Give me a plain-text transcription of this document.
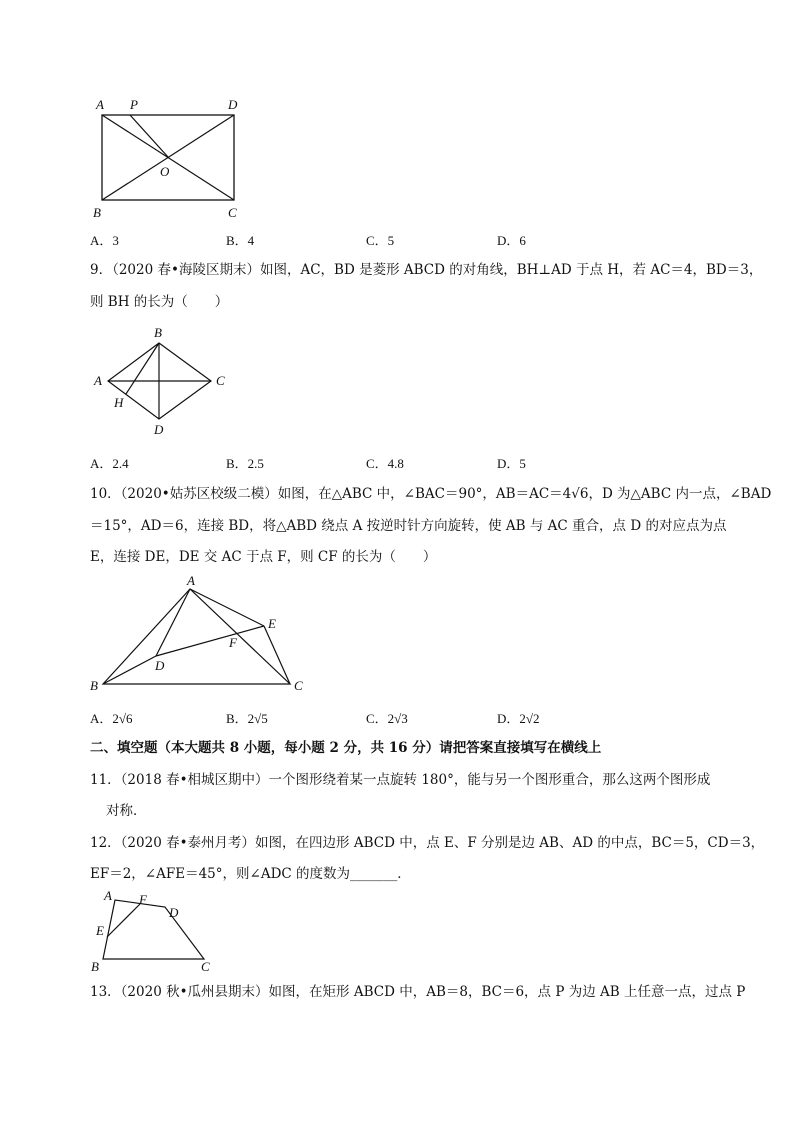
A P	D
O
B	C
A．3	B．4	C．5	D．6
9．（2020 春•海陵区期末）如图，AC，BD 是菱形 ABCD 的对角线，BH⊥AD 于点 H，若 AC＝4，BD＝3，
则 BH 的长为（　　）
B
A	C
H
D
A．2.4	B．2.5	C．4.8	D．5
10．（2020•姑苏区校级二模）如图，在△ABC 中，∠BAC＝90°，AB＝AC＝4√6，D 为△ABC 内一点，∠BAD
＝15°，AD＝6，连接 BD，将△ABD 绕点 A 按逆时针方向旋转，使 AB 与 AC 重合，点 D 的对应点为点
E，连接 DE，DE 交 AC 于点 F，则 CF 的长为（　　）
A
E
F
D
B	C
A．2√6	B．2√5	C．2√3	D．2√2
二、填空题（本大题共 8 小题，每小题 2 分，共 16 分）请把答案直接填写在横线上
11．（2018 春•相城区期中）一个图形绕着某一点旋转 180°，能与另一个图形重合，那么这两个图形成
对称．
12．（2020 春•泰州月考）如图，在四边形 ABCD 中，点 E、F 分别是边 AB、AD 的中点，BC＝5，CD＝3，
EF＝2，∠AFE＝45°，则∠ADC 的度数为_______．
A F
D
E
B	C
13．（2020 秋•瓜州县期末）如图，在矩形 ABCD 中，AB＝8，BC＝6，点 P 为边 AB 上任意一点，过点 P
